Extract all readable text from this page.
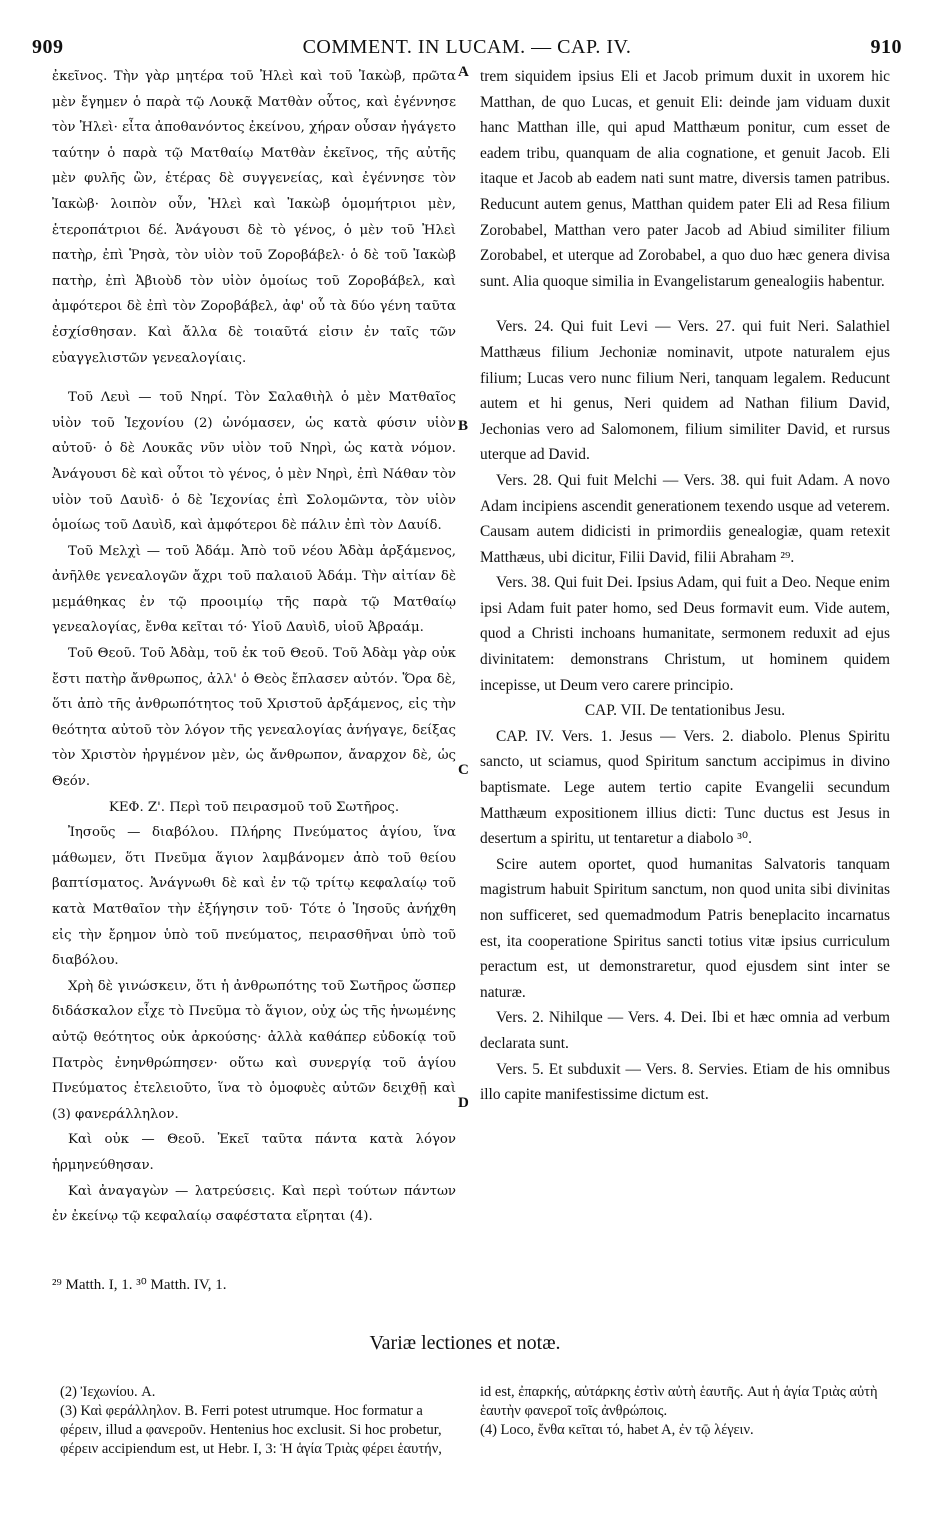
909	COMMENT. IN LUCAM. — CAP. IV.	910
A
B
C
D

ἐκεῖνος. Τὴν γὰρ μητέρα τοῦ Ἠλεὶ καὶ τοῦ Ἰακὼβ, πρῶτα μὲν ἔγημεν ὁ παρὰ τῷ Λουκᾷ Ματθὰν οὗτος, καὶ ἐγέννησε τὸν Ἠλεὶ· εἶτα ἀποθανόντος ἐκείνου, χήραν οὖσαν ἠγάγετο ταύτην ὁ παρὰ τῷ Ματθαίῳ Ματθὰν ἐκεῖνος, τῆς αὐτῆς μὲν φυλῆς ὢν, ἑτέρας δὲ συγγενείας, καὶ ἐγέννησε τὸν Ἰακὼβ· λοιπὸν οὖν, Ἠλεὶ καὶ Ἰακὼβ ὁμομήτριοι μὲν, ἑτεροπάτριοι δέ. Ἀνάγουσι δὲ τὸ γένος, ὁ μὲν τοῦ Ἠλεὶ πατὴρ, ἐπὶ Ῥησὰ, τὸν υἱὸν τοῦ Ζοροβάβελ· ὁ δὲ τοῦ Ἰακὼβ πατὴρ, ἐπὶ Ἀβιοὺδ τὸν υἱὸν ὁμοίως τοῦ Ζοροβάβελ, καὶ ἀμφότεροι δὲ ἐπὶ τὸν Ζοροβάβελ, ἀφ' οὗ τὰ δύο γένη ταῦτα ἐσχίσθησαν. Καὶ ἄλλα δὲ τοιαῦτά εἰσιν ἐν ταῖς τῶν εὐαγγελιστῶν γενεαλογίαις.

Τοῦ Λευὶ — τοῦ Νηρί. Τὸν Σαλαθιὴλ ὁ μὲν Ματθαῖος υἱὸν τοῦ Ἰεχονίου (2) ὠνόμασεν, ὡς κατὰ φύσιν υἱὸν αὐτοῦ· ὁ δὲ Λουκᾶς νῦν υἱὸν τοῦ Νηρὶ, ὡς κατὰ νόμον. Ἀνάγουσι δὲ καὶ οὗτοι τὸ γένος, ὁ μὲν Νηρὶ, ἐπὶ Νάθαν τὸν υἱὸν τοῦ Δαυὶδ· ὁ δὲ Ἰεχονίας ἐπὶ Σολομῶντα, τὸν υἱὸν ὁμοίως τοῦ Δαυὶδ, καὶ ἀμφότεροι δὲ πάλιν ἐπὶ τὸν Δαυίδ.

Τοῦ Μελχὶ — τοῦ Ἀδάμ. Ἀπὸ τοῦ νέου Ἀδὰμ ἀρξάμενος, ἀνῆλθε γενεαλογῶν ἄχρι τοῦ παλαιοῦ Ἀδάμ. Τὴν αἰτίαν δὲ μεμάθηκας ἐν τῷ προοιμίῳ τῆς παρὰ τῷ Ματθαίῳ γενεαλογίας, ἔνθα κεῖται τό· Υἱοῦ Δαυὶδ, υἱοῦ Ἀβραάμ.

Τοῦ Θεοῦ. Τοῦ Ἀδὰμ, τοῦ ἐκ τοῦ Θεοῦ. Τοῦ Ἀδὰμ γὰρ οὐκ ἔστι πατὴρ ἄνθρωπος, ἀλλ' ὁ Θεὸς ἔπλασεν αὐτόν. Ὅρα δὲ, ὅτι ἀπὸ τῆς ἀνθρωπότητος τοῦ Χριστοῦ ἀρξάμενος, εἰς τὴν θεότητα αὐτοῦ τὸν λόγον τῆς γενεαλογίας ἀνήγαγε, δείξας τὸν Χριστὸν ἠργμένον μὲν, ὡς ἄνθρωπον, ἄναρχον δὲ, ὡς Θεόν.

ΚΕΦ. Ζ'. Περὶ τοῦ πειρασμοῦ τοῦ Σωτῆρος.

Ἰησοῦς — διαβόλου. Πλήρης Πνεύματος ἁγίου, ἵνα μάθωμεν, ὅτι Πνεῦμα ἅγιον λαμβάνομεν ἀπὸ τοῦ θείου βαπτίσματος. Ἀνάγνωθι δὲ καὶ ἐν τῷ τρίτῳ κεφαλαίῳ τοῦ κατὰ Ματθαῖον τὴν ἐξήγησιν τοῦ· Τότε ὁ Ἰησοῦς ἀνήχθη εἰς τὴν ἔρημον ὑπὸ τοῦ πνεύματος, πειρασθῆναι ὑπὸ τοῦ διαβόλου.

Χρὴ δὲ γινώσκειν, ὅτι ἡ ἀνθρωπότης τοῦ Σωτῆρος ὥσπερ διδάσκαλον εἶχε τὸ Πνεῦμα τὸ ἅγιον, οὐχ ὡς τῆς ἡνωμένης αὐτῷ θεότητος οὐκ ἀρκούσης· ἀλλὰ καθάπερ εὐδοκίᾳ τοῦ Πατρὸς ἐνηνθρώπησεν· οὕτω καὶ συνεργίᾳ τοῦ ἁγίου Πνεύματος ἐτελειοῦτο, ἵνα τὸ ὁμοφυὲς αὐτῶν δειχθῇ καὶ (3) φανεράλληλον.

Καὶ οὐκ — Θεοῦ. Ἐκεῖ ταῦτα πάντα κατὰ λόγον ἡρμηνεύθησαν.

Καὶ ἀναγαγὼν — λατρεύσεις. Καὶ περὶ τούτων πάντων ἐν ἐκείνῳ τῷ κεφαλαίῳ σαφέστατα εἴρηται (4).

trem siquidem ipsius Eli et Jacob primum duxit in uxorem hic Matthan, de quo Lucas, et genuit Eli: deinde jam viduam duxit hanc Matthan ille, qui apud Matthæum ponitur, cum esset de eadem tribu, quanquam de alia cognatione, et genuit Jacob. Eli itaque et Jacob ab eadem nati sunt matre, diversis tamen patribus. Reducunt autem genus, Matthan quidem pater Eli ad Resa filium Zorobabel, Matthan vero pater Jacob ad Abiud similiter filium Zorobabel, et uterque ad Zorobabel, a quo duo hæc genera divisa sunt. Alia quoque similia in Evangelistarum genealogiis habentur.

Vers. 24. Qui fuit Levi — Vers. 27. qui fuit Neri. Salathiel Matthæus filium Jechoniæ nominavit, utpote naturalem ejus filium; Lucas vero nunc filium Neri, tanquam legalem. Reducunt autem et hi genus, Neri quidem ad Nathan filium David, Jechonias vero ad Salomonem, filium similiter David, et rursus uterque ad David.

Vers. 28. Qui fuit Melchi — Vers. 38. qui fuit Adam. A novo Adam incipiens ascendit generationem texendo usque ad veterem. Causam autem didicisti in primordiis genealogiæ, quam retexit Matthæus, ubi dicitur, Filii David, filii Abraham ²⁹.

Vers. 38. Qui fuit Dei. Ipsius Adam, qui fuit a Deo. Neque enim ipsi Adam fuit pater homo, sed Deus formavit eum. Vide autem, quod a Christi inchoans humanitate, sermonem reduxit ad ejus divinitatem: demonstrans Christum, ut hominem quidem incepisse, ut Deum vero carere principio.

CAP. VII. De tentationibus Jesu.

CAP. IV. Vers. 1. Jesus — Vers. 2. diabolo. Plenus Spiritu sancto, ut sciamus, quod Spiritum sanctum accipimus in divino baptismate. Lege autem tertio capite Evangelii secundum Matthæum expositionem illius dicti: Tunc ductus est Jesus in desertum a spiritu, ut tentaretur a diabolo ³⁰.

Scire autem oportet, quod humanitas Salvatoris tanquam magistrum habuit Spiritum sanctum, non quod unita sibi divinitas non sufficeret, sed quemadmodum Patris beneplacito incarnatus est, ita cooperatione Spiritus sancti totius vitæ ipsius curriculum peractum est, ut demonstraretur, quod ejusdem sint inter se naturæ.

Vers. 2. Nihilque — Vers. 4. Dei. Ibi et hæc omnia ad verbum declarata sunt.

Vers. 5. Et subduxit — Vers. 8. Servies. Etiam de his omnibus illo capite manifestissime dictum est.

²⁹ Matth. I, 1. ³⁰ Matth. IV, 1.
Variæ lectiones et notæ.

(2) Ἰεχωνίου. A.

(3) Καὶ φεράλληλον. B. Ferri potest utrumque. Hoc formatur a φέρειν, illud a φανεροῦν. Hentenius hoc exclusit. Si hoc probetur, φέρειν accipiendum est, ut Hebr. I, 3: Ἡ ἁγία Τριὰς φέρει ἑαυτήν,

id est, ἐπαρκής, αὐτάρκης ἐστὶν αὐτὴ ἑαυτῆς. Aut ἡ ἁγία Τριὰς αὐτὴ ἑαυτὴν φανεροῖ τοῖς ἀνθρώποις.

(4) Loco, ἔνθα κεῖται τό, habet A, ἐν τῷ λέγειν.
